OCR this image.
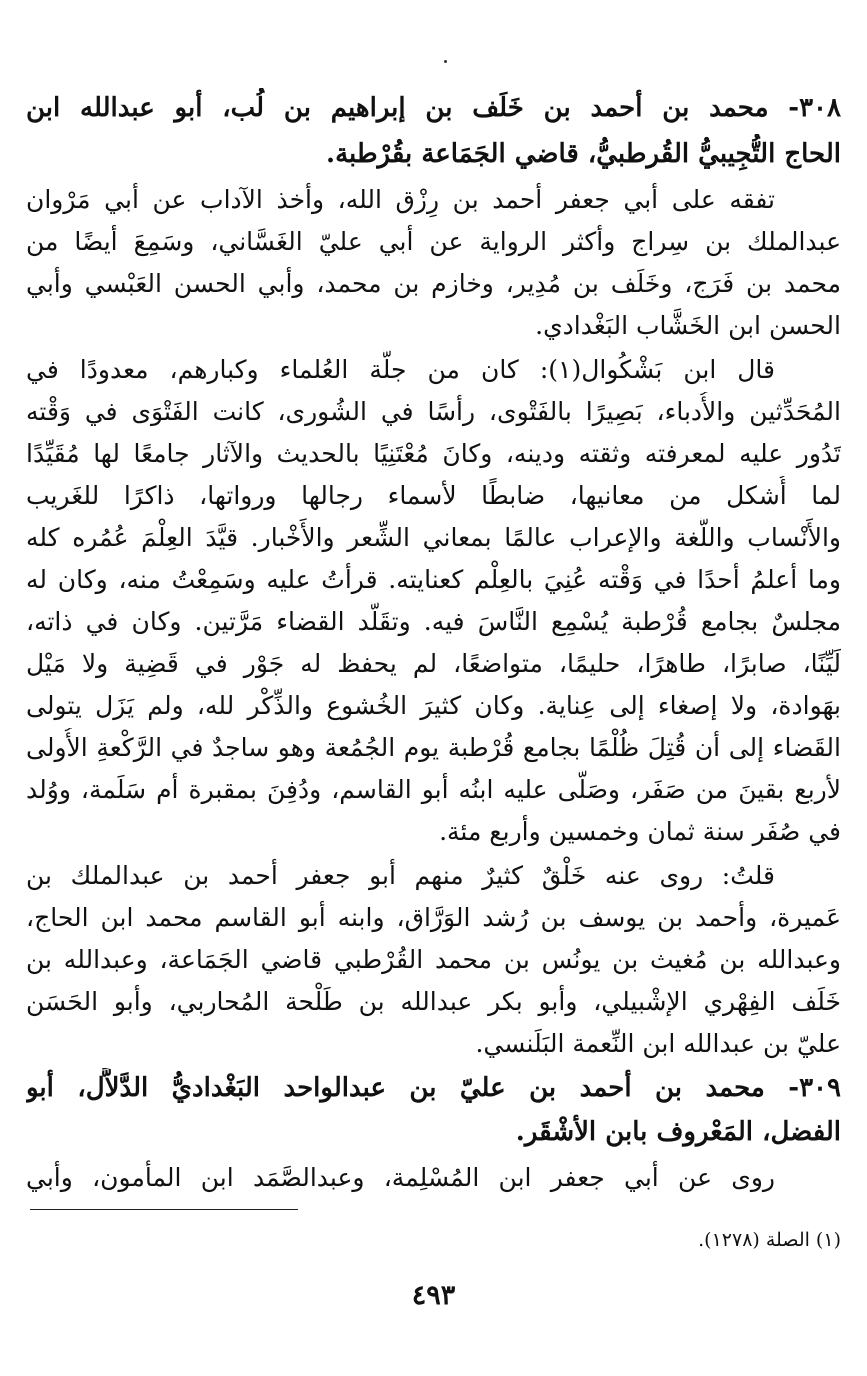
٣٠٨- محمد بن أحمد بن خَلَف بن إبراهيم بن لُب، أبو عبدالله ابن
الحاج التُّجِيبيُّ القُرطبيُّ، قاضي الجَمَاعة بقُرْطبة.
تفقه على أبي جعفر أحمد بن رِزْق الله، وأخذ الآداب عن أبي مَرْوان
عبدالملك بن سِراج وأكثر الرواية عن أبي عليّ الغَسَّاني، وسَمِعَ أيضًا من
محمد بن فَرَج، وخَلَف بن مُدِير، وخازم بن محمد، وأبي الحسن العَبْسي وأبي
الحسن ابن الخَشَّاب البَغْدادي.
قال ابن بَشْكُوال(١): كان من جلَّة العُلماء وكبارهم، معدودًا في
المُحَدِّثين والأُدباء، بَصِيرًا بالفَتْوى، رأسًا في الشُورى، كانت الفَتْوَى في وَقْته
تَدُور عليه لمعرفته وثقته ودينه، وكانَ مُعْتَنِيًا بالحديث والآثار جامعًا لها مُقَيِّدًا
لما أُشكل من معانيها، ضابطًا لأسماء رجالها ورواتها، ذاكرًا للغَريب
والأَنْساب واللُّغة والإعراب عالمًا بمعاني الشِّعر والأَخْبار. قيَّدَ العِلْمَ عُمُره كله
وما أعلمُ أحدًا في وَقْته عُنِيَ بالعِلْم كعنايته. قرأتُ عليه وسَمِعْتُ منه، وكان له
مجلسٌ بجامع قُرْطبة يُسْمِع النَّاسَ فيه. وتقَلَّد القضاء مَرَّتين. وكان في ذاته،
لَيِّنًا، صابرًا، طاهرًا، حليمًا، متواضعًا، لم يحفظ له جَوْر في قَضِية ولا مَيْل
بهَوادة، ولا إصغاء إلى عِناية. وكان كثيرَ الخُشوع والذِّكْر لله، ولم يَزَل يتولى
القَضاء إلى أن قُتِلَ ظُلْمًا بجامع قُرْطبة يوم الجُمُعة وهو ساجدٌ في الرَّكْعةِ الأُولى
لأربع بقينَ من صَفَر، وصَلَّى عليه ابنُه أبو القاسم، ودُفِنَ بمقبرة أم سَلَمة، ووُلد
في صُفَر سنة ثمان وخمسين وأربع مئة.
قلتُ: روى عنه خَلْقٌ كثيرٌ منهم أبو جعفر أحمد بن عبدالملك بن
عَميرة، وأحمد بن يوسف بن رُشد الوَرَّاق، وابنه أبو القاسم محمد ابن الحاج،
وعبدالله بن مُغيث بن يونُس بن محمد القُرْطبي قاضي الجَمَاعة، وعبدالله بن
خَلَف الفِهْري الإشْبيلي، وأبو بكر عبدالله بن طَلْحة المُحاربي، وأبو الحَسَن
عليّ بن عبدالله ابن النِّعمة البَلَنسي.
٣٠٩- محمد بن أحمد بن عليّ بن عبدالواحد البَغْداديُّ الدَّلاَّل، أبو
الفضل، المَعْروف بابن الأشْقَر.
روى عن أبي جعفر ابن المُسْلِمة، وعبدالصَّمَد ابن المأمون، وأبي
(١) الصلة (١٢٧٨).
٤٩٣
